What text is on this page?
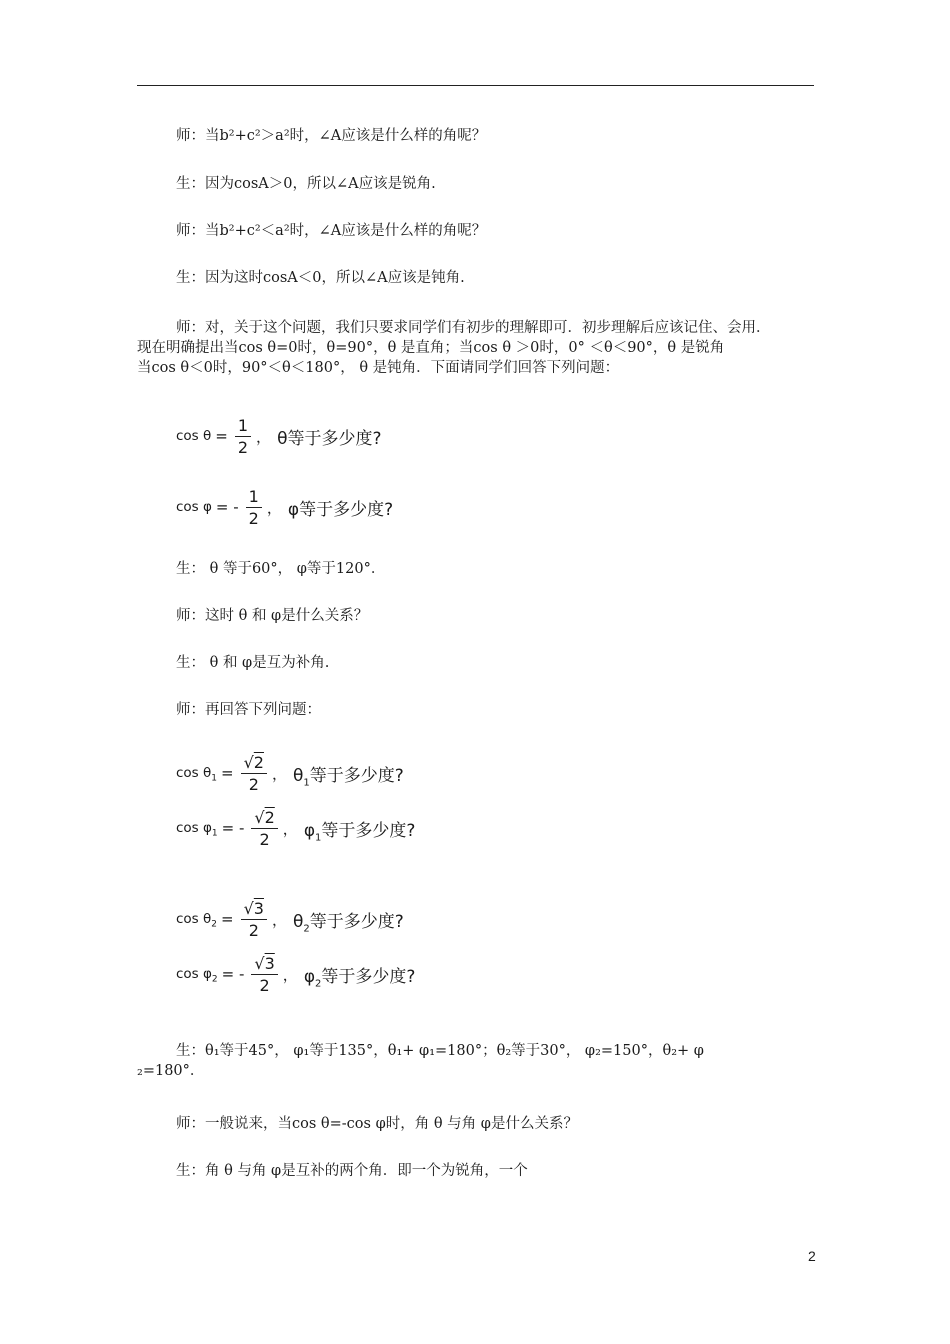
师：当b²+c²＞a²时，∠A应该是什么样的角呢？
生：因为cosA＞0，所以∠A应该是锐角.
师：当b²+c²＜a²时，∠A应该是什么样的角呢？
生：因为这时cosA＜0，所以∠A应该是钝角.
师：对，关于这个问题，我们只要求同学们有初步的理解即可．初步理解后应该记住、会用．
现在明确提出当cos θ=0时，θ=90°，θ 是直角；当cos θ ＞0时，0° ＜θ＜90°，θ 是锐角
当cos θ＜0时，90°＜θ＜180°， θ 是钝角．下面请同学们回答下列问题：
$\cos \theta = \frac{1}{2}$ ， θ等于多少度?
cos φ = - $\frac{1}{2}$ ， φ等于多少度?
生： θ 等于60°， φ等于120°．
师：这时 θ 和 φ是什么关系？
生： θ 和 φ是互为补角.
师：再回答下列问题：
$\cos \theta_1 = \frac{√2}{2}$ ， $\theta_1$等于多少度?
$\cos \varphi_1$ = - $\frac{√2}{2}$ ， $\varphi_1$等于多少度?
$\cos \theta_2 = \frac{√3}{2}$ ， $\theta_2$等于多少度?
$\cos \varphi_2$ = - $\frac{√3}{2}$ ， $\varphi_2$等于多少度?
生：θ₁等于45°， φ₁等于135°，θ₁+ φ₁=180°；θ₂等于30°， φ₂=150°，θ₂+ φ
₂=180°．
师：一般说来，当cos θ=-cos φ时，角 θ 与角 φ是什么关系？
生：角 θ 与角 φ是互补的两个角．即一个为锐角，一个
2
